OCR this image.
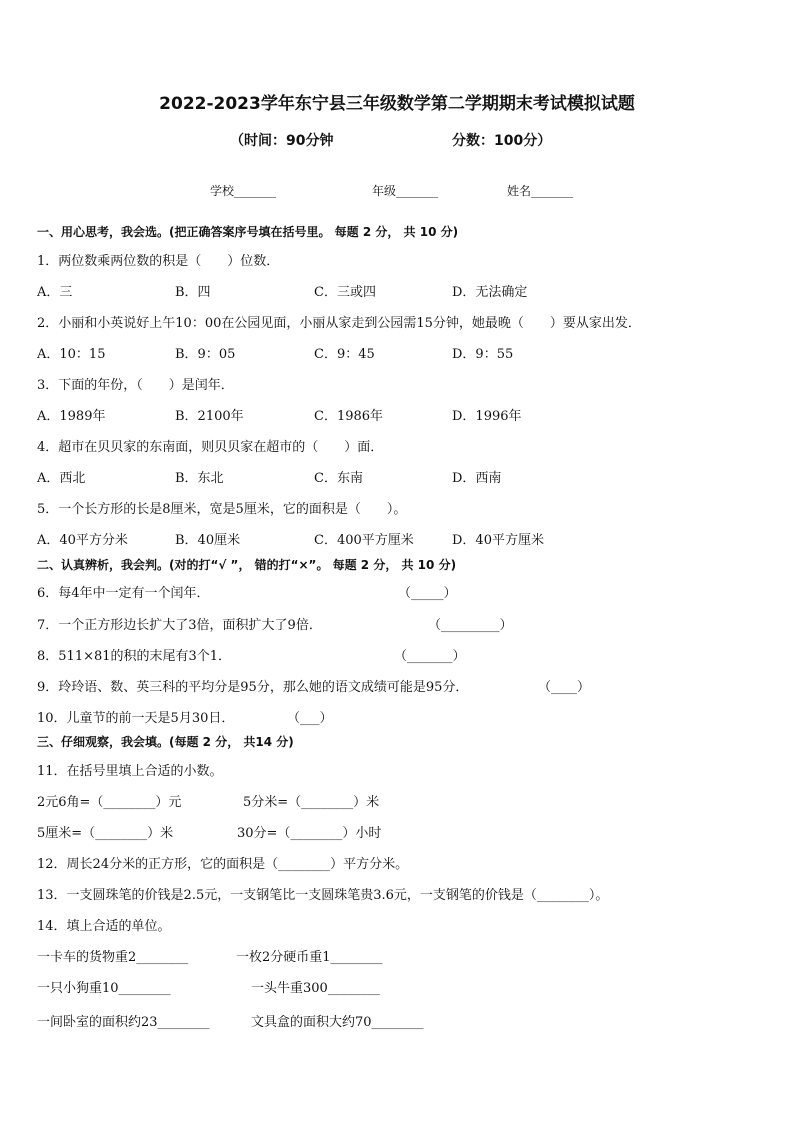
2022-2023学年东宁县三年级数学第二学期期末考试模拟试题
（时间：90分钟	分数：100分）
学校_______	年级_______	姓名_______
一、用心思考，我会选。(把正确答案序号填在括号里。 每题 2 分， 共 10 分)
1．两位数乘两位数的积是（　　）位数．
A．三	B．四	C．三或四	D．无法确定
2．小丽和小英说好上午10：00在公园见面，小丽从家走到公园需15分钟，她最晚（　　）要从家出发．
A．10：15	B．9：05	C．9：45	D．9：55
3．下面的年份，（　　）是闰年．
A．1989年	B．2100年	C．1986年	D．1996年
4．超市在贝贝家的东南面，则贝贝家在超市的（　　）面．
A．西北	B．东北	C．东南	D．西南
5．一个长方形的长是8厘米，宽是5厘米，它的面积是（　　）。
A．40平方分米	B．40厘米	C．400平方厘米	D．40平方厘米
二、认真辨析，我会判。(对的打“√ ”， 错的打“×”。 每题 2 分， 共 10 分)
6．每4年中一定有一个闰年．	（_____）
7．一个正方形边长扩大了3倍，面积扩大了9倍．	（_________）
8．511×81的积的末尾有3个1．	（_______）
9．玲玲语、数、英三科的平均分是95分，那么她的语文成绩可能是95分．	（____）
10．儿童节的前一天是5月30日．	（___）
三、仔细观察，我会填。(每题 2 分， 共14 分)
11．在括号里填上合适的小数。
2元6角=（________）元	5分米=（________）米
5厘米=（________）米	30分=（________）小时
12．周长24分米的正方形，它的面积是（________）平方分米。
13．一支圆珠笔的价钱是2.5元，一支钢笔比一支圆珠笔贵3.6元，一支钢笔的价钱是（________）。
14．填上合适的单位。
一卡车的货物重2________	一枚2分硬币重1________
一只小狗重10________	一头牛重300________
一间卧室的面积约23________	文具盒的面积大约70________
